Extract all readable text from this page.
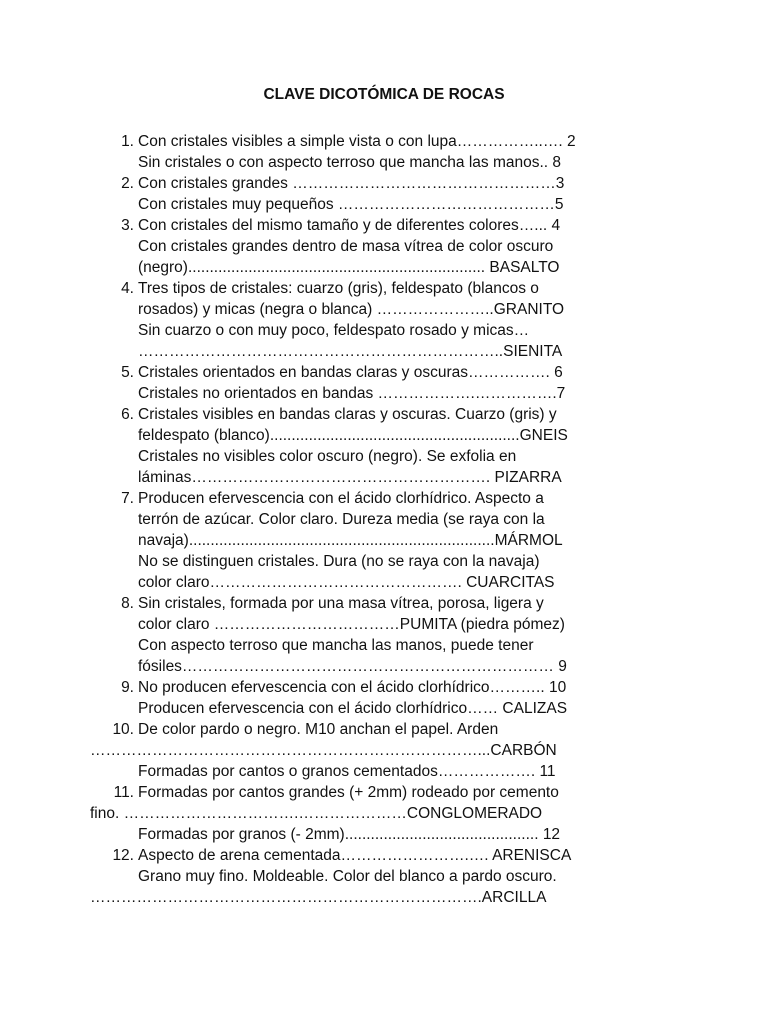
CLAVE DICOTÓMICA DE ROCAS
1. Con cristales visibles a simple vista o con lupa……………..…. 2
Sin cristales o con aspecto terroso que mancha las manos.. 8
2. Con cristales grandes ……………………………………………3
Con cristales muy pequeños ……………………………………5
3. Con cristales del mismo tamaño y de diferentes colores…... 4
Con cristales grandes dentro de masa vítrea de color oscuro
(negro)..................................................................... BASALTO
4. Tres tipos de cristales: cuarzo (gris), feldespato (blancos o
rosados) y micas (negra o blanca) …………………..GRANITO
Sin cuarzo o con muy poco, feldespato rosado y micas…
……………………………………………………………..SIENITA
5. Cristales orientados en bandas claras y oscuras……………. 6
Cristales no orientados en bandas ……………….…………….7
6. Cristales visibles en bandas claras y oscuras. Cuarzo (gris) y
feldespato (blanco)..........................................................GNEIS
Cristales no visibles color oscuro (negro). Se exfolia en
láminas…………………………………………………. PIZARRA
7. Producen efervescencia con el ácido clorhídrico. Aspecto a
terrón de azúcar. Color claro. Dureza media (se raya con la
navaja).......................................................................MÁRMOL
No se distinguen cristales. Dura (no se raya con la navaja)
color claro…………………………………………. CUARCITAS
8. Sin cristales, formada por una masa vítrea, porosa, ligera y
color claro ………………………………PUMITA (piedra pómez)
Con aspecto terroso que mancha las manos, puede tener
fósiles……………………………………………………………… 9
9. No producen efervescencia con el ácido clorhídrico……….. 10
Producen efervescencia con el ácido clorhídrico…… CALIZAS
10. De color pardo o negro. M10 anchan el papel. Arden
…………………………………………………………………...CARBÓN
Formadas por cantos o granos cementados………………. 11
11. Formadas por cantos grandes (+ 2mm) rodeado por cemento
fino. …………………………….…………………CONGLOMERADO
Formadas por granos (- 2mm)............................................. 12
12. Aspecto de arena cementada…………………….…. ARENISCA
Grano muy fino. Moldeable. Color del blanco a pardo oscuro.
………………………………………………………………….ARCILLA
